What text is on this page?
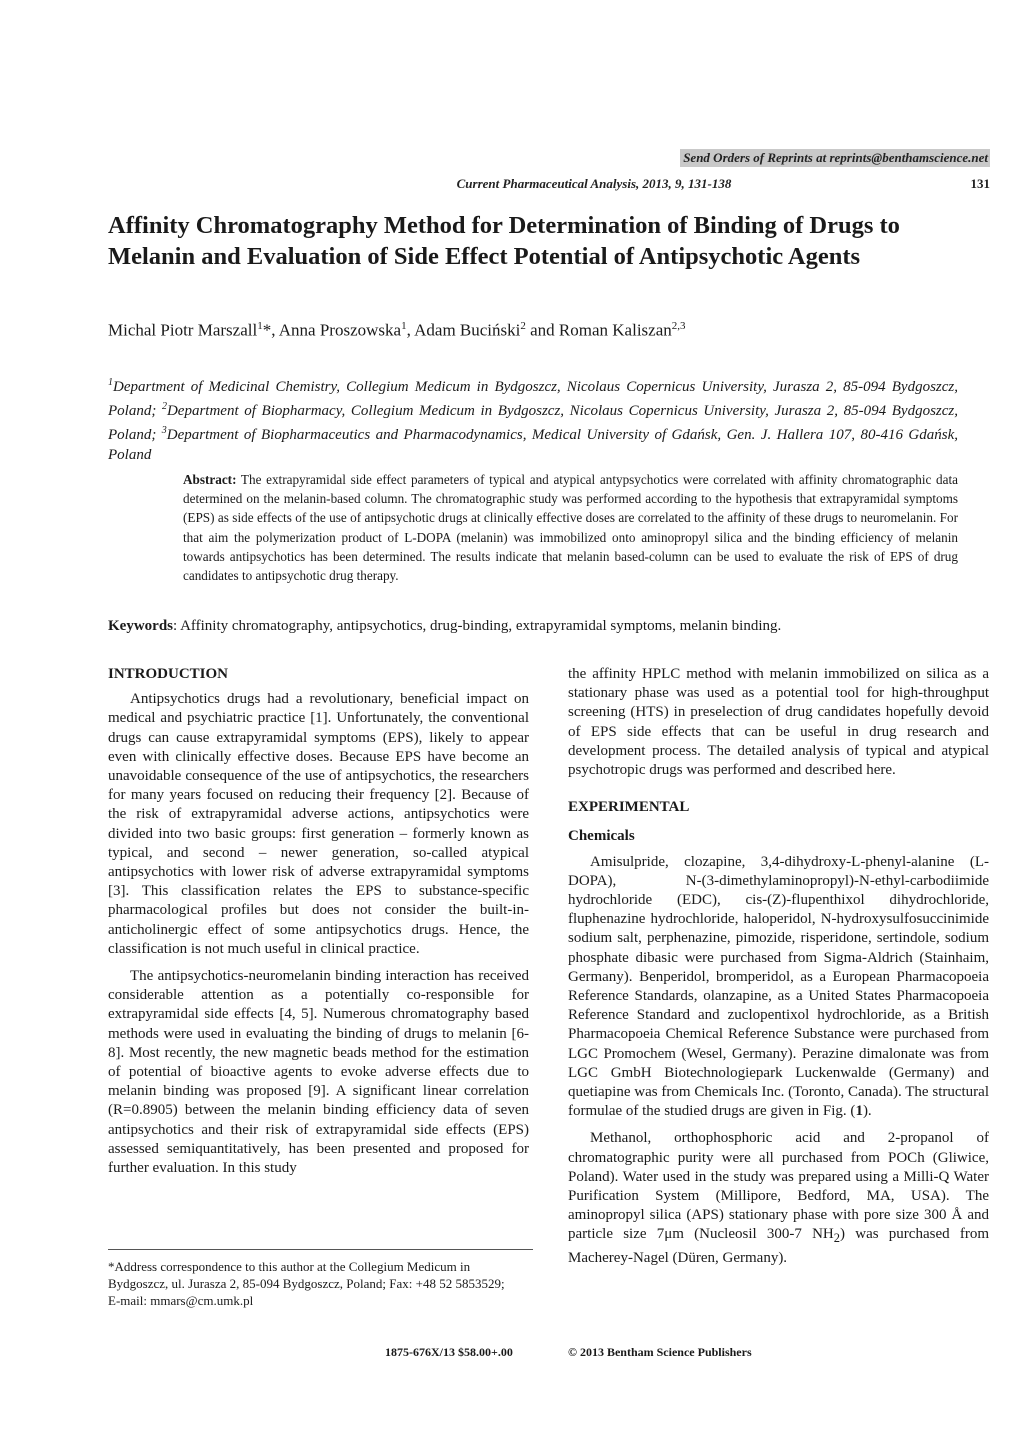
Send Orders of Reprints at reprints@benthamscience.net
Current Pharmaceutical Analysis, 2013, 9, 131-138	131
Affinity Chromatography Method for Determination of Binding of Drugs to Melanin and Evaluation of Side Effect Potential of Antipsychotic Agents
Michal Piotr Marszall$^1$*, Anna Proszowska$^1$, Adam Buciński$^2$ and Roman Kaliszan$^{2,3}$
$^1$Department of Medicinal Chemistry, Collegium Medicum in Bydgoszcz, Nicolaus Copernicus University, Jurasza 2, 85-094 Bydgoszcz, Poland; $^2$Department of Biopharmacy, Collegium Medicum in Bydgoszcz, Nicolaus Copernicus University, Jurasza 2, 85-094 Bydgoszcz, Poland; $^3$Department of Biopharmaceutics and Pharmacodynamics, Medical University of Gdańsk, Gen. J. Hallera 107, 80-416 Gdańsk, Poland
Abstract: The extrapyramidal side effect parameters of typical and atypical antypsychotics were correlated with affinity chromatographic data determined on the melanin-based column. The chromatographic study was performed according to the hypothesis that extrapyramidal symptoms (EPS) as side effects of the use of antipsychotic drugs at clinically effective doses are correlated to the affinity of these drugs to neuromelanin. For that aim the polymerization product of L-DOPA (melanin) was immobilized onto aminopropyl silica and the binding efficiency of melanin towards antipsychotics has been determined. The results indicate that melanin based-column can be used to evaluate the risk of EPS of drug candidates to antipsychotic drug therapy.
Keywords: Affinity chromatography, antipsychotics, drug-binding, extrapyramidal symptoms, melanin binding.
INTRODUCTION

Antipsychotics drugs had a revolutionary, beneficial impact on medical and psychiatric practice [1]. Unfortunately, the conventional drugs can cause extrapyramidal symptoms (EPS), likely to appear even with clinically effective doses. Because EPS have become an unavoidable consequence of the use of antipsychotics, the researchers for many years focused on reducing their frequency [2]. Because of the risk of extrapyramidal adverse actions, antipsychotics were divided into two basic groups: first generation – formerly known as typical, and second – newer generation, so-called atypical antipsychotics with lower risk of adverse extrapyramidal symptoms [3]. This classification relates the EPS to substance-specific pharmacological profiles but does not consider the built-in-anticholinergic effect of some antipsychotics drugs. Hence, the classification is not much useful in clinical practice.

The antipsychotics-neuromelanin binding interaction has received considerable attention as a potentially co-responsible for extrapyramidal side effects [4, 5]. Numerous chromatography based methods were used in evaluating the binding of drugs to melanin [6-8]. Most recently, the new magnetic beads method for the estimation of potential of bioactive agents to evoke adverse effects due to melanin binding was proposed [9]. A significant linear correlation (R=0.8905) between the melanin binding efficiency data of seven antipsychotics and their risk of extrapyramidal side effects (EPS) assessed semiquantitatively, has been presented and proposed for further evaluation. In this study

the affinity HPLC method with melanin immobilized on silica as a stationary phase was used as a potential tool for high-throughput screening (HTS) in preselection of drug candidates hopefully devoid of EPS side effects that can be useful in drug research and development process. The detailed analysis of typical and atypical psychotropic drugs was performed and described here.

EXPERIMENTAL
Chemicals

Amisulpride, clozapine, 3,4-dihydroxy-L-phenyl-alanine (L-DOPA), N-(3-dimethylaminopropyl)-N-ethyl-carbodiimide hydrochloride (EDC), cis-(Z)-flupenthixol dihydrochloride, fluphenazine hydrochloride, haloperidol, N-hydroxysulfosuccinimide sodium salt, perphenazine, pimozide, risperidone, sertindole, sodium phosphate dibasic were purchased from Sigma-Aldrich (Stainhaim, Germany). Benperidol, bromperidol, as a European Pharmacopoeia Reference Standards, olanzapine, as a United States Pharmacopoeia Reference Standard and zuclopentixol hydrochloride, as a British Pharmacopoeia Chemical Reference Substance were purchased from LGC Promochem (Wesel, Germany). Perazine dimalonate was from LGC GmbH Biotechnologiepark Luckenwalde (Germany) and quetiapine was from Chemicals Inc. (Toronto, Canada). The structural formulae of the studied drugs are given in Fig. (1).

Methanol, orthophosphoric acid and 2-propanol of chromatographic purity were all purchased from POCh (Gliwice, Poland). Water used in the study was prepared using a Milli-Q Water Purification System (Millipore, Bedford, MA, USA). The aminopropyl silica (APS) stationary phase with pore size 300 Å and particle size 7μm (Nucleosil 300-7 $NH_2$) was purchased from Macherey-Nagel (Düren, Germany).

*Address correspondence to this author at the Collegium Medicum in Bydgoszcz, ul. Jurasza 2, 85-094 Bydgoszcz, Poland; Fax: +48 52 5853529;
E-mail: mmars@cm.umk.pl
1875-676X/13 $58.00+.00	© 2013 Bentham Science Publishers
